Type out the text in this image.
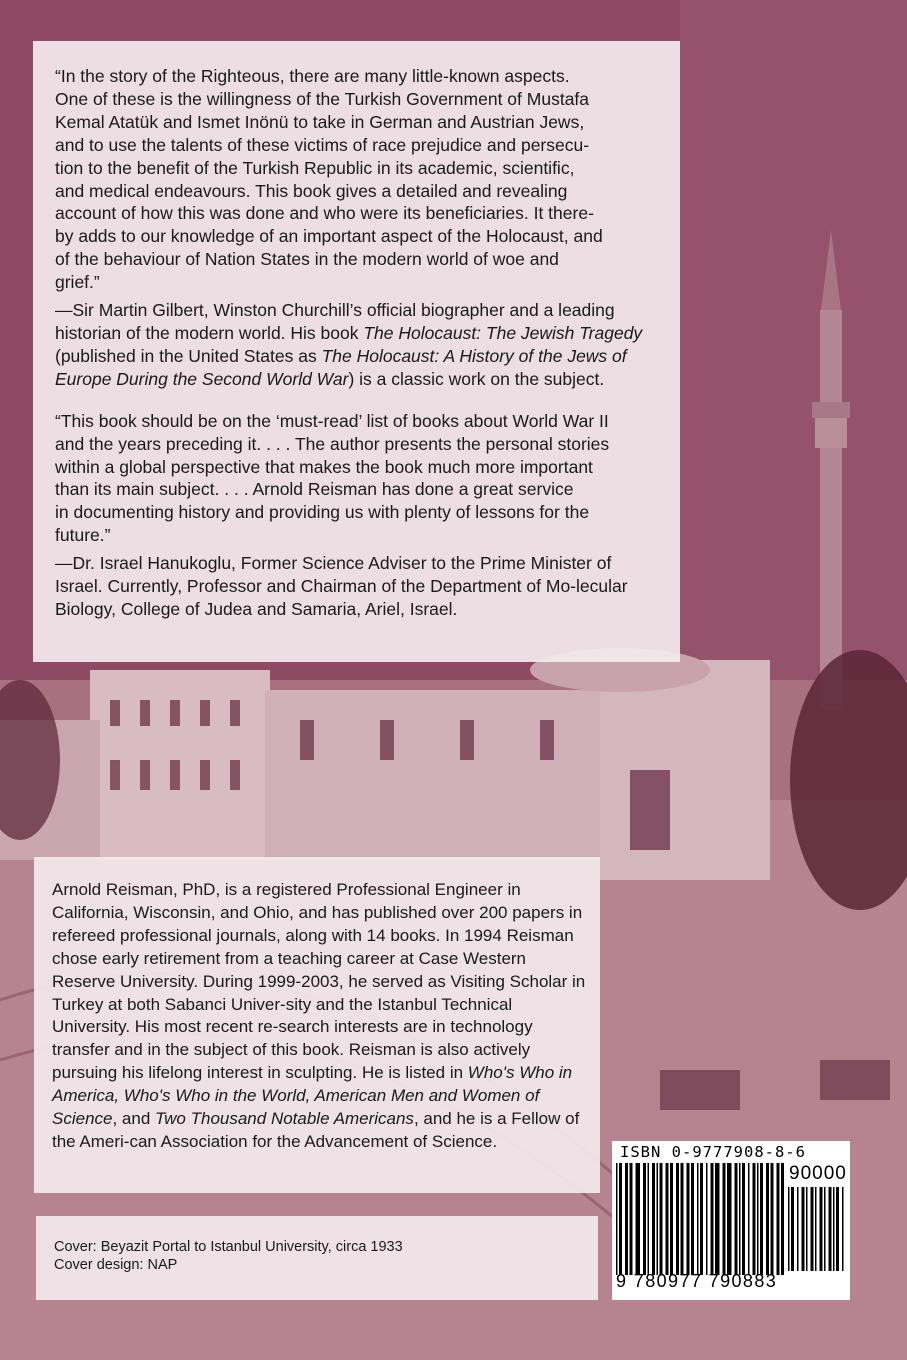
“In the story of the Righteous, there are many little-known aspects.
One of these is the willingness of the Turkish Government of Mustafa
Kemal Atatük and Ismet Inönü to take in German and Austrian Jews,
and to use the talents of these victims of race prejudice and persecu-
tion to the benefit of the Turkish Republic in its academic, scientific,
and medical endeavours. This book gives a detailed and revealing
account of how this was done and who were its beneficiaries. It there-
by adds to our knowledge of an important aspect of the Holocaust, and
of the behaviour of Nation States in the modern world of woe and
grief.”

—Sir Martin Gilbert, Winston Churchill’s official biographer and a leading historian of the modern world. His book The Holocaust: The Jewish Tragedy (published in the United States as The Holocaust: A History of the Jews of Europe During the Second World War) is a classic work on the subject.

“This book should be on the ‘must-read’ list of books about World War II
and the years preceding it. . . . The author presents the personal stories
within a global perspective that makes the book much more important
than its main subject. . . . Arnold Reisman has done a great service
in documenting history and providing us with plenty of lessons for the
future.”

—Dr. Israel Hanukoglu, Former Science Adviser to the Prime Minister of Israel. Currently, Professor and Chairman of the Department of Mo-lecular Biology, College of Judea and Samaria, Ariel, Israel.

Arnold Reisman, PhD, is a registered Professional Engineer in California, Wisconsin, and Ohio, and has published over 200 papers in refereed professional journals, along with 14 books. In 1994 Reisman chose early retirement from a teaching career at Case Western Reserve University. During 1999-2003, he served as Visiting Scholar in Turkey at both Sabanci Univer-sity and the Istanbul Technical University. His most recent re-search interests are in technology transfer and in the subject of this book. Reisman is also actively pursuing his lifelong interest in sculpting. He is listed in Who's Who in America, Who's Who in the World, American Men and Women of Science, and Two Thousand Notable Americans, and he is a Fellow of the Ameri-can Association for the Advancement of Science.

Cover: Beyazit Portal to Istanbul University, circa 1933

Cover design: NAP

ISBN 0-9777908-8-6
90000
9 780977 790883
